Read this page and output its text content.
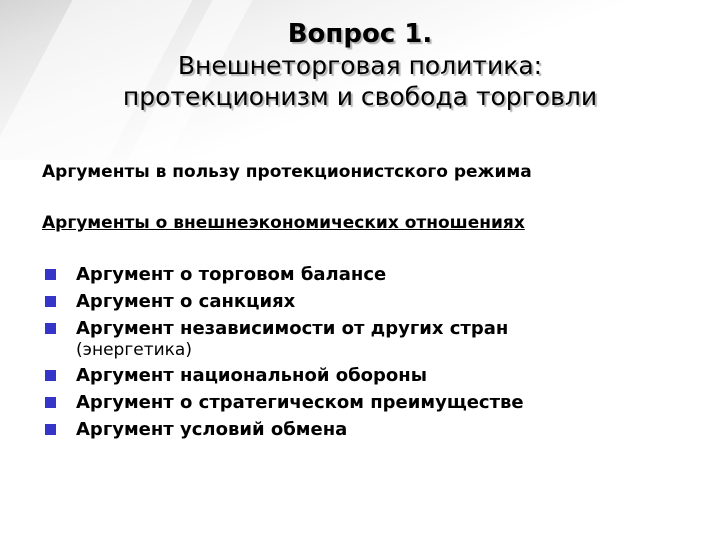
Вопрос 1.
Внешнеторговая политика:
протекционизм и свобода торговли
Аргументы в пользу протекционистского режима
Аргументы о внешнеэкономических отношениях
Аргумент о торговом балансе
Аргумент о санкциях
Аргумент независимости от других стран
(энергетика)
Аргумент национальной обороны
Аргумент о стратегическом преимуществе
Аргумент условий обмена
